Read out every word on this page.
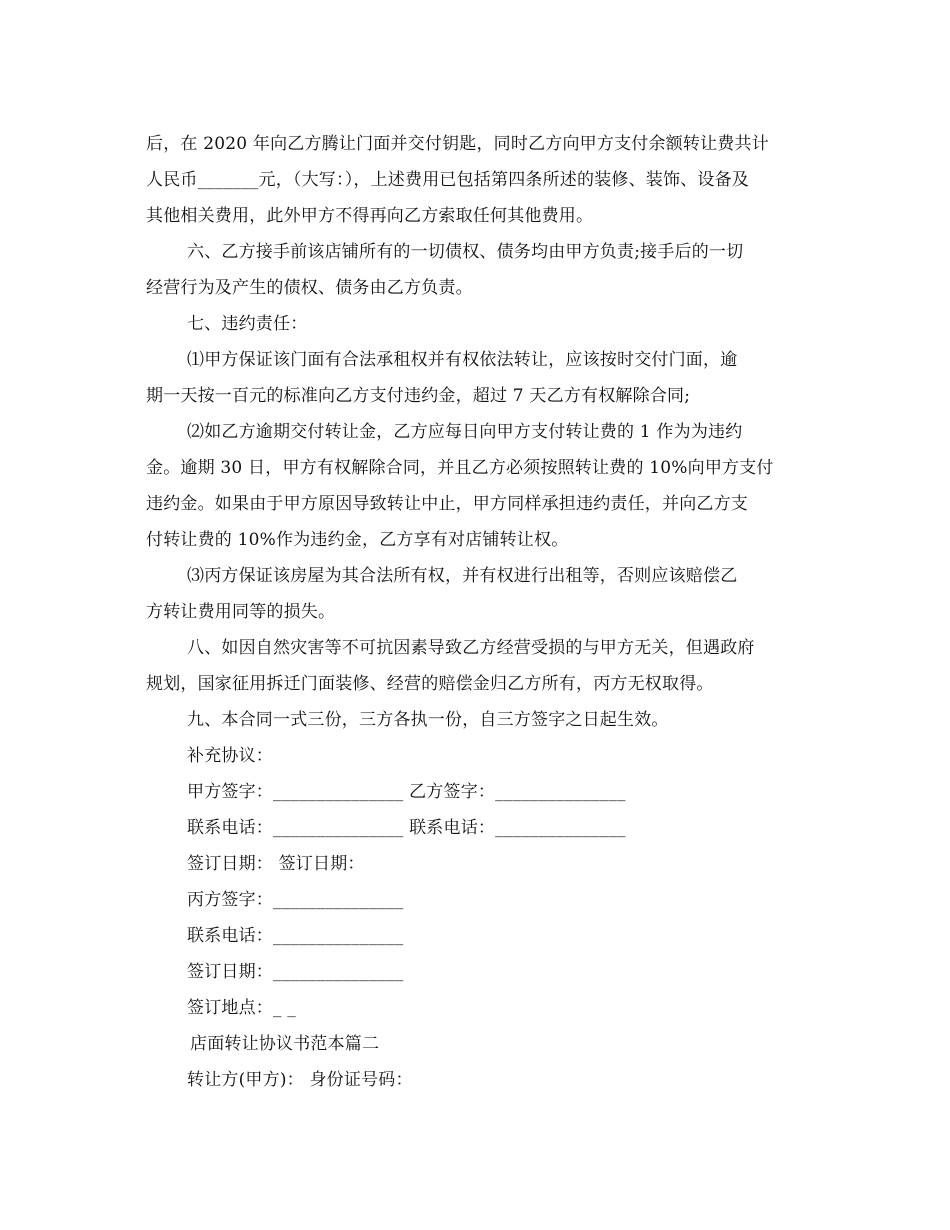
后，在 2020 年向乙方腾让门面并交付钥匙，同时乙方向甲方支付余额转让费共计
人民币_______元，（大写：），上述费用已包括第四条所述的装修、装饰、设备及
其他相关费用，此外甲方不得再向乙方索取任何其他费用。
六、乙方接手前该店铺所有的一切债权、债务均由甲方负责;接手后的一切
经营行为及产生的债权、债务由乙方负责。
七、违约责任：
⑴甲方保证该门面有合法承租权并有权依法转让，应该按时交付门面，逾
期一天按一百元的标准向乙方支付违约金，超过 7 天乙方有权解除合同;
⑵如乙方逾期交付转让金，乙方应每日向甲方支付转让费的 1 作为为违约
金。逾期 30 日，甲方有权解除合同，并且乙方必须按照转让费的 10%向甲方支付
违约金。如果由于甲方原因导致转让中止，甲方同样承担违约责任，并向乙方支
付转让费的 10%作为违约金，乙方享有对店铺转让权。
⑶丙方保证该房屋为其合法所有权，并有权进行出租等，否则应该赔偿乙
方转让费用同等的损失。
八、如因自然灾害等不可抗因素导致乙方经营受损的与甲方无关，但遇政府
规划，国家征用拆迁门面装修、经营的赔偿金归乙方所有，丙方无权取得。
九、本合同一式三份，三方各执一份，自三方签字之日起生效。
补充协议：
甲方签字：_______________ 乙方签字：_______________
联系电话：_______________ 联系电话：_______________
签订日期： 签订日期：
丙方签字：_______________
联系电话：_______________
签订日期：_______________
签订地点：_ _
店面转让协议书范本篇二
转让方(甲方)： 身份证号码：
